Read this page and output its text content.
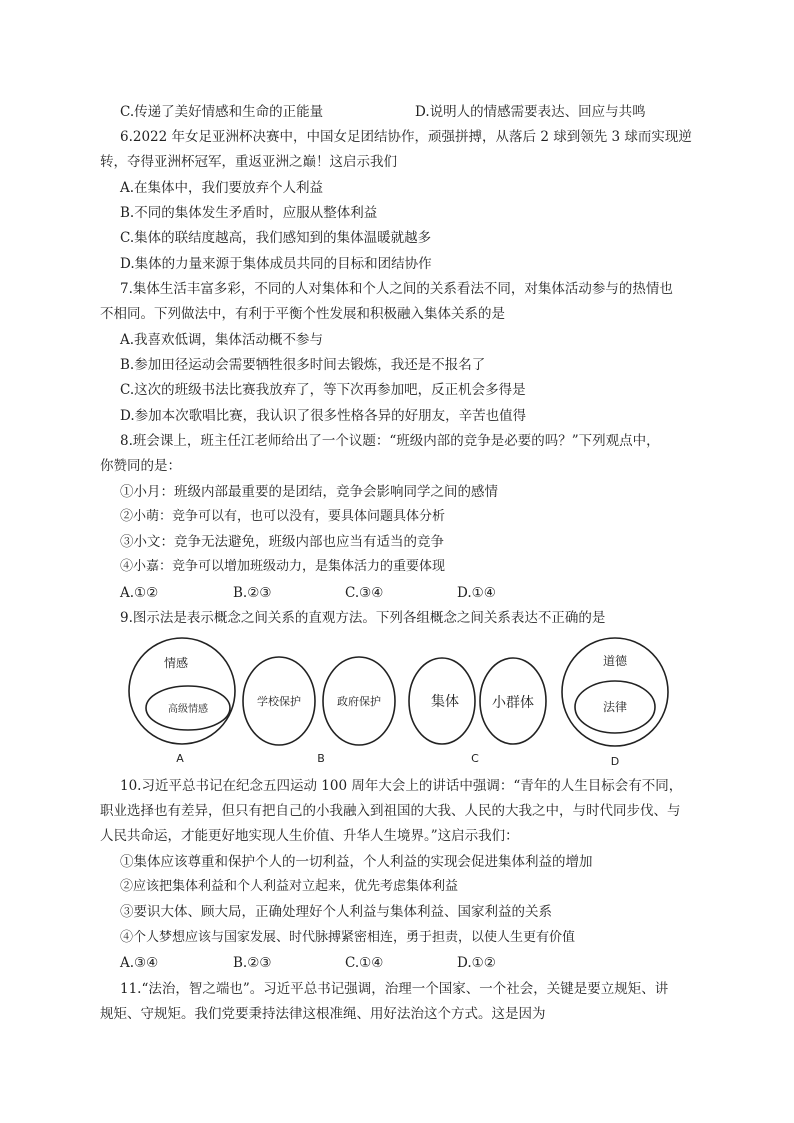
C.传递了美好情感和生命的正能量	D.说明人的情感需要表达、回应与共鸣
6.2022 年女足亚洲杯决赛中，中国女足团结协作，顽强拼搏，从落后 2 球到领先 3 球而实现逆
转，夺得亚洲杯冠军，重返亚洲之巅！这启示我们
A.在集体中，我们要放弃个人利益
B.不同的集体发生矛盾时，应服从整体利益
C.集体的联结度越高，我们感知到的集体温暖就越多
D.集体的力量来源于集体成员共同的目标和团结协作
7.集体生活丰富多彩，不同的人对集体和个人之间的关系看法不同，对集体活动参与的热情也
不相同。下列做法中，有利于平衡个性发展和积极融入集体关系的是
A.我喜欢低调，集体活动概不参与
B.参加田径运动会需要牺牲很多时间去锻炼，我还是不报名了
C.这次的班级书法比赛我放弃了，等下次再参加吧，反正机会多得是
D.参加本次歌唱比赛，我认识了很多性格各异的好朋友，辛苦也值得
8.班会课上，班主任江老师给出了一个议题：“班级内部的竞争是必要的吗？”下列观点中，
你赞同的是：
①小月：班级内部最重要的是团结，竞争会影响同学之间的感情
②小萌：竞争可以有，也可以没有，要具体问题具体分析
③小文：竞争无法避免，班级内部也应当有适当的竞争
④小嘉：竞争可以增加班级动力，是集体活力的重要体现
A.①②	B.②③	C.③④	D.①④
9.图示法是表示概念之间关系的直观方法。下列各组概念之间关系表达不正确的是
情感
高级情感
A
学校保护	政府保护
B
集体 小群体
C
道德
法律
D
10.习近平总书记在纪念五四运动 100 周年大会上的讲话中强调：“青年的人生目标会有不同，
职业选择也有差异，但只有把自己的小我融入到祖国的大我、人民的大我之中，与时代同步伐、与
人民共命运，才能更好地实现人生价值、升华人生境界。”这启示我们：
①集体应该尊重和保护个人的一切利益，个人利益的实现会促进集体利益的增加
②应该把集体利益和个人利益对立起来，优先考虑集体利益
③要识大体、顾大局，正确处理好个人利益与集体利益、国家利益的关系
④个人梦想应该与国家发展、时代脉搏紧密相连，勇于担责，以使人生更有价值
A.③④	B.②③	C.①④	D.①②
11.“法治，智之端也”。习近平总书记强调，治理一个国家、一个社会，关键是要立规矩、讲
规矩、守规矩。我们党要秉持法律这根准绳、用好法治这个方式。这是因为
